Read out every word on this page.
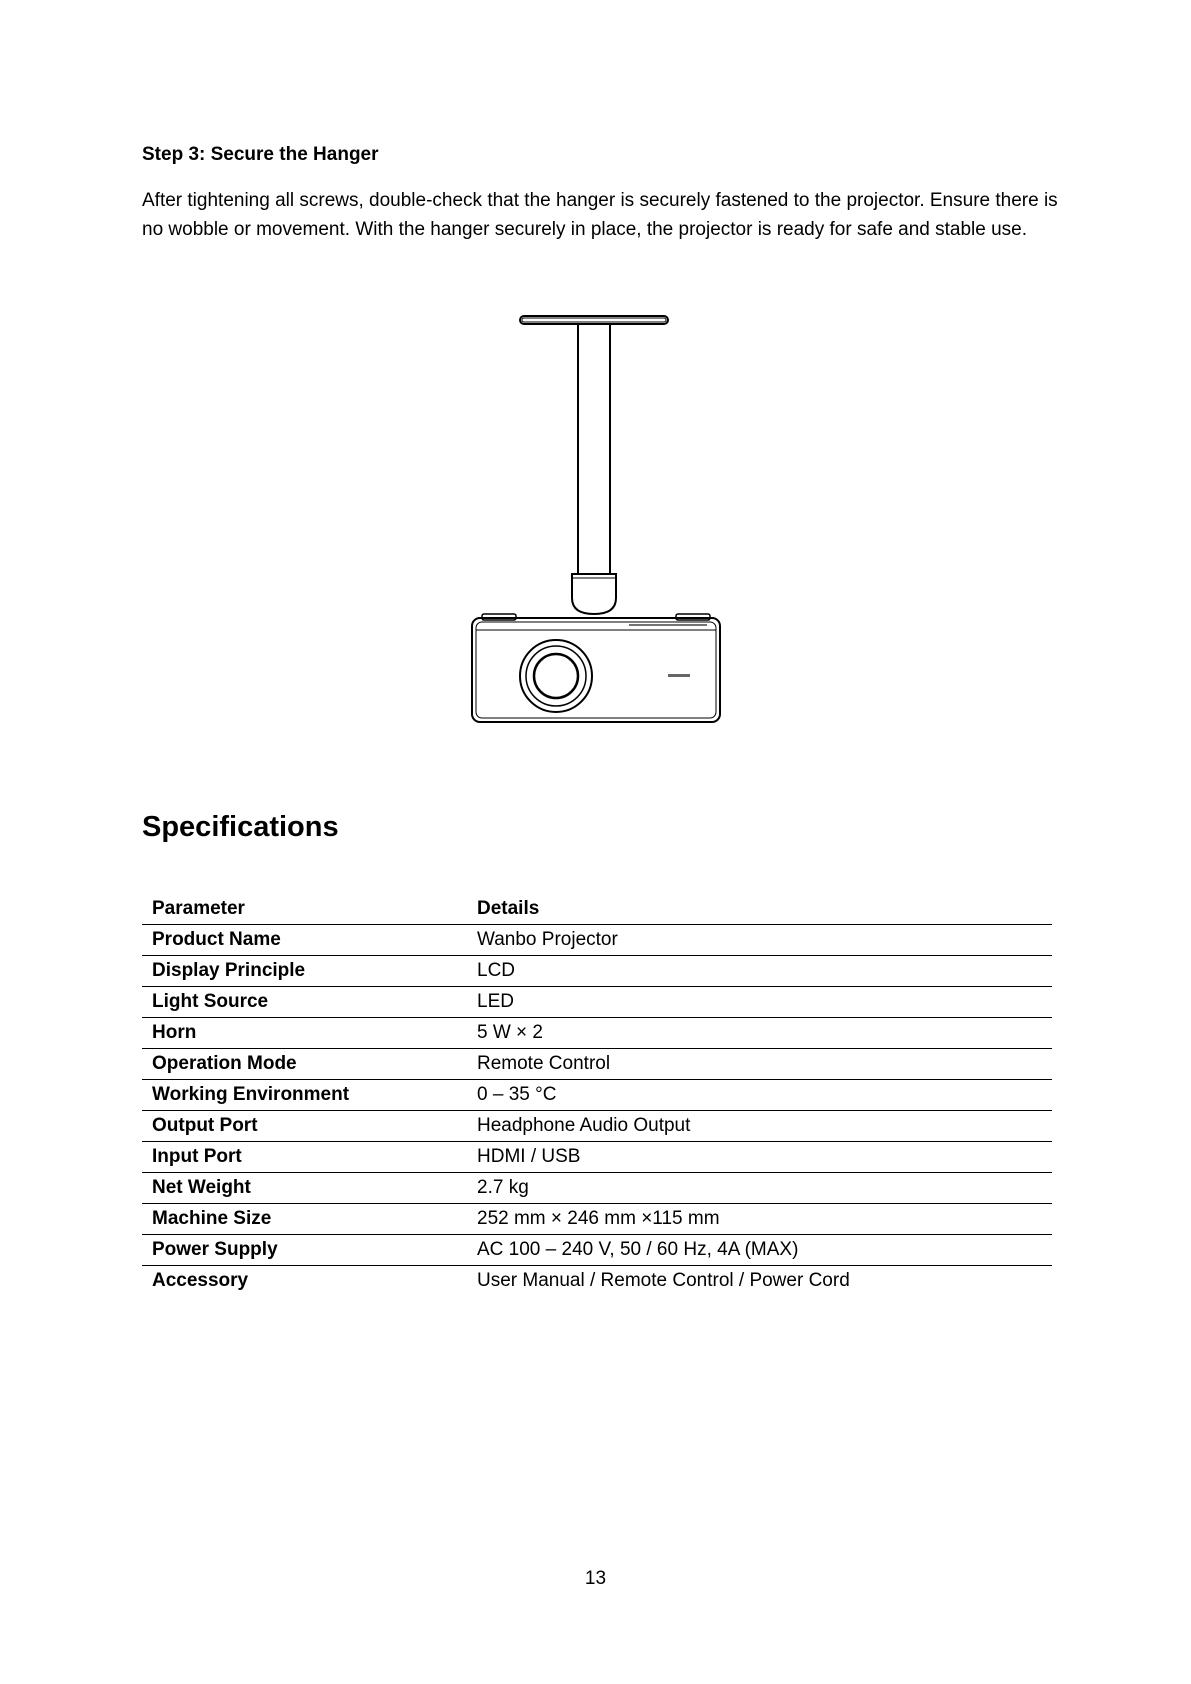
Step 3: Secure the Hanger
After tightening all screws, double-check that the hanger is securely fastened to the projector. Ensure there is no wobble or movement. With the hanger securely in place, the projector is ready for safe and stable use.
Specifications
Parameter	Details
Product Name	Wanbo Projector
Display Principle	LCD
Light Source	LED
Horn	5 W × 2
Operation Mode	Remote Control
Working Environment	0 – 35 °C
Output Port	Headphone Audio Output
Input Port	HDMI / USB
Net Weight	2.7 kg
Machine Size	252 mm × 246 mm ×115 mm
Power Supply	AC 100 – 240 V, 50 / 60 Hz, 4A (MAX)
Accessory	User Manual / Remote Control / Power Cord
13
